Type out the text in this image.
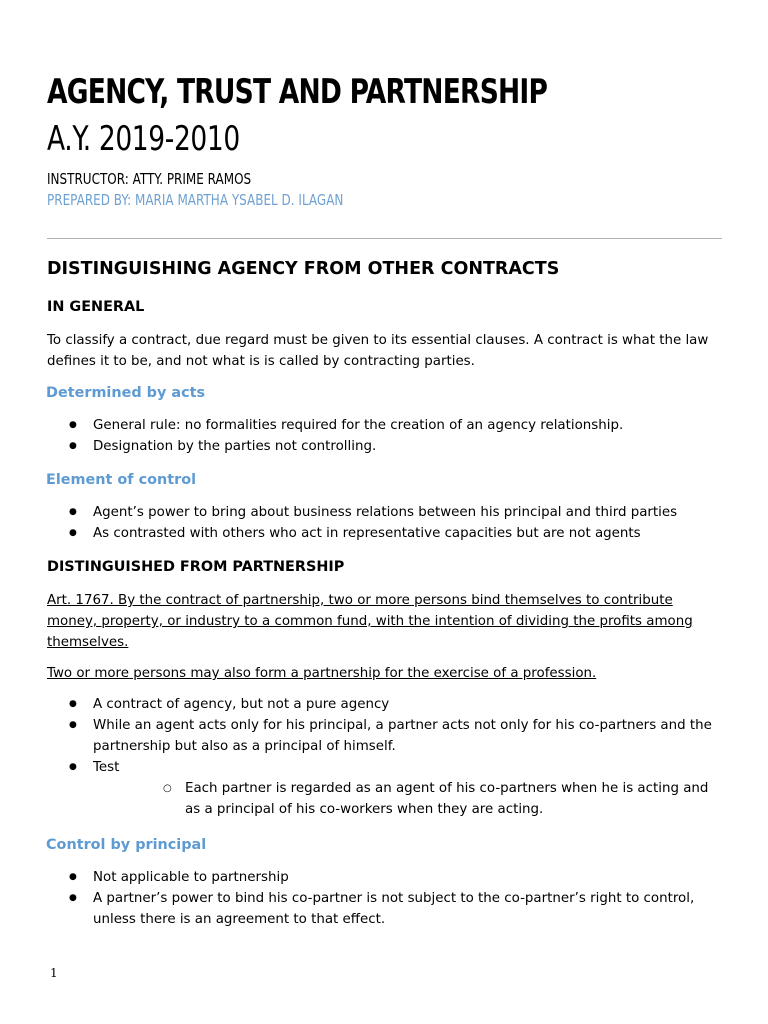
AGENCY, TRUST AND PARTNERSHIP
A.Y. 2019-2010
INSTRUCTOR: ATTY. PRIME RAMOS
PREPARED BY: MARIA MARTHA YSABEL D. ILAGAN
DISTINGUISHING AGENCY FROM OTHER CONTRACTS
IN GENERAL

To classify a contract, due regard must be given to its essential clauses. A contract is what the law defines it to be, and not what is is called by contracting parties.

Determined by acts
● General rule: no formalities required for the creation of an agency relationship.
● Designation by the parties not controlling.
Element of control
● Agent’s power to bring about business relations between his principal and third parties
● As contrasted with others who act in representative capacities but are not agents
DISTINGUISHED FROM PARTNERSHIP

Art. 1767. By the contract of partnership, two or more persons bind themselves to contribute money, property, or industry to a common fund, with the intention of dividing the profits among themselves.

Two or more persons may also form a partnership for the exercise of a profession.

● A contract of agency, but not a pure agency
● While an agent acts only for his principal, a partner acts not only for his co-partners and the partnership but also as a principal of himself.
● Test
○ Each partner is regarded as an agent of his co-partners when he is acting and as a principal of his co-workers when they are acting.
Control by principal
● Not applicable to partnership
● A partner’s power to bind his co-partner is not subject to the co-partner’s right to control, unless there is an agreement to that effect.
1
